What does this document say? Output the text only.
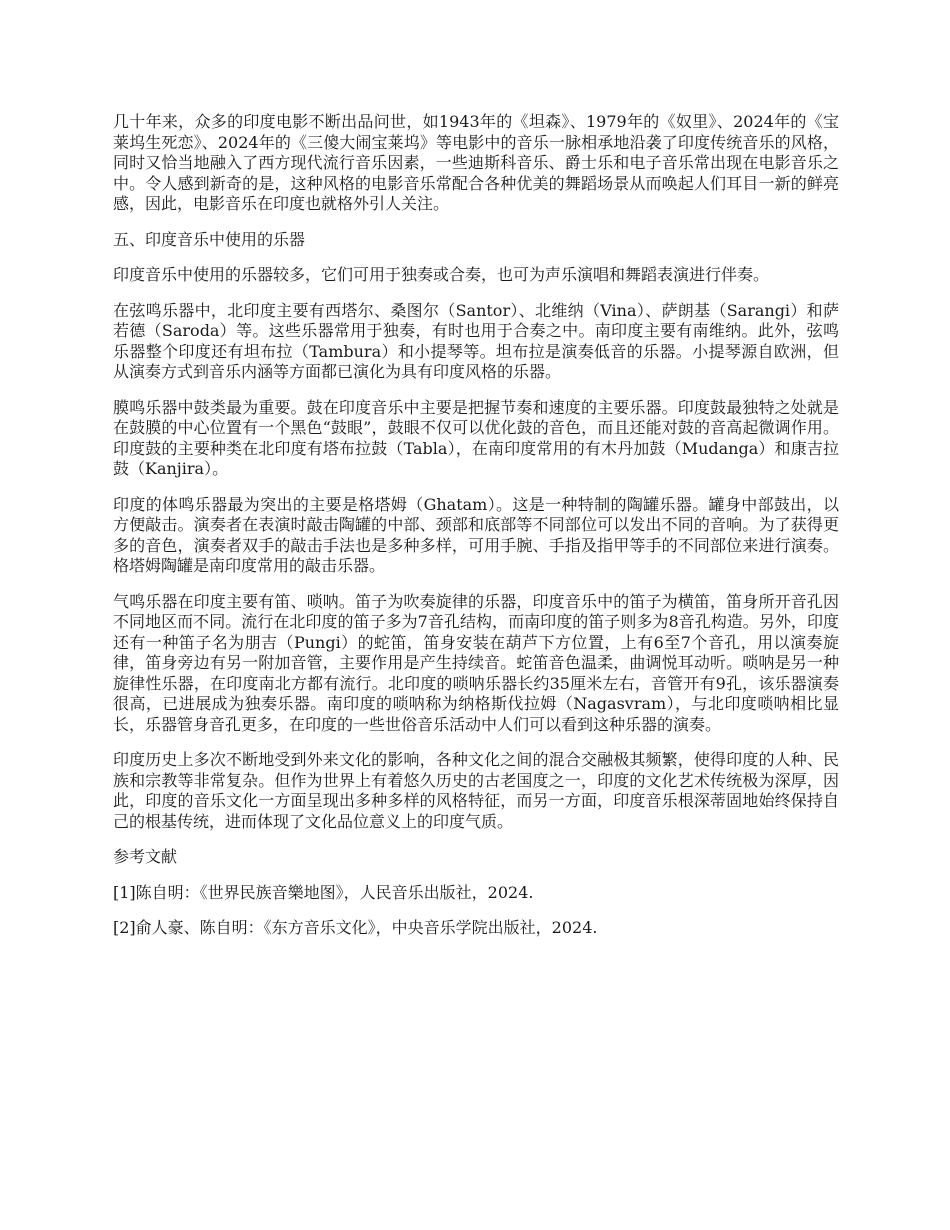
几十年来，众多的印度电影不断出品问世，如1943年的《坦森》、1979年的《奴里》、2024年的《宝莱坞生死恋》、2024年的《三傻大闹宝莱坞》等电影中的音乐一脉相承地沿袭了印度传统音乐的风格，同时又恰当地融入了西方现代流行音乐因素，一些迪斯科音乐、爵士乐和电子音乐常出现在电影音乐之中。令人感到新奇的是，这种风格的电影音乐常配合各种优美的舞蹈场景从而唤起人们耳目一新的鲜亮感，因此，电影音乐在印度也就格外引人关注。

五、印度音乐中使用的乐器

印度音乐中使用的乐器较多，它们可用于独奏或合奏，也可为声乐演唱和舞蹈表演进行伴奏。

在弦鸣乐器中，北印度主要有西塔尔、桑图尔（Santor）、北维纳（Vina）、萨朗基（Sarangi）和萨若德（Saroda）等。这些乐器常用于独奏，有时也用于合奏之中。南印度主要有南维纳。此外，弦鸣乐器整个印度还有坦布拉（Tambura）和小提琴等。坦布拉是演奏低音的乐器。小提琴源自欧洲，但从演奏方式到音乐内涵等方面都已演化为具有印度风格的乐器。

膜鸣乐器中鼓类最为重要。鼓在印度音乐中主要是把握节奏和速度的主要乐器。印度鼓最独特之处就是在鼓膜的中心位置有一个黑色“鼓眼”，鼓眼不仅可以优化鼓的音色，而且还能对鼓的音高起微调作用。印度鼓的主要种类在北印度有塔布拉鼓（Tabla），在南印度常用的有木丹加鼓（Mudanga）和康吉拉鼓（Kanjira）。

印度的体鸣乐器最为突出的主要是格塔姆（Ghatam）。这是一种特制的陶罐乐器。罐身中部鼓出，以方便敲击。演奏者在表演时敲击陶罐的中部、颈部和底部等不同部位可以发出不同的音响。为了获得更多的音色，演奏者双手的敲击手法也是多种多样，可用手腕、手指及指甲等手的不同部位来进行演奏。格塔姆陶罐是南印度常用的敲击乐器。

气鸣乐器在印度主要有笛、唢呐。笛子为吹奏旋律的乐器，印度音乐中的笛子为横笛，笛身所开音孔因不同地区而不同。流行在北印度的笛子多为7音孔结构，而南印度的笛子则多为8音孔构造。另外，印度还有一种笛子名为朋吉（Pungi）的蛇笛，笛身安装在葫芦下方位置，上有6至7个音孔，用以演奏旋律，笛身旁边有另一附加音管，主要作用是产生持续音。蛇笛音色温柔，曲调悦耳动听。唢呐是另一种旋律性乐器，在印度南北方都有流行。北印度的唢呐乐器长约35厘米左右，音管开有9孔，该乐器演奏很高，已进展成为独奏乐器。南印度的唢呐称为纳格斯伐拉姆（Nagasvram），与北印度唢呐相比显长，乐器管身音孔更多，在印度的一些世俗音乐活动中人们可以看到这种乐器的演奏。

印度历史上多次不断地受到外来文化的影响，各种文化之间的混合交融极其频繁，使得印度的人种、民族和宗教等非常复杂。但作为世界上有着悠久历史的古老国度之一，印度的文化艺术传统极为深厚，因此，印度的音乐文化一方面呈现出多种多样的风格特征，而另一方面，印度音乐根深蒂固地始终保持自己的根基传统，进而体现了文化品位意义上的印度气质。

参考文献

[1]陈自明：《世界民族音樂地图》，人民音乐出版社，2024.

[2]俞人豪、陈自明：《东方音乐文化》，中央音乐学院出版社，2024.
